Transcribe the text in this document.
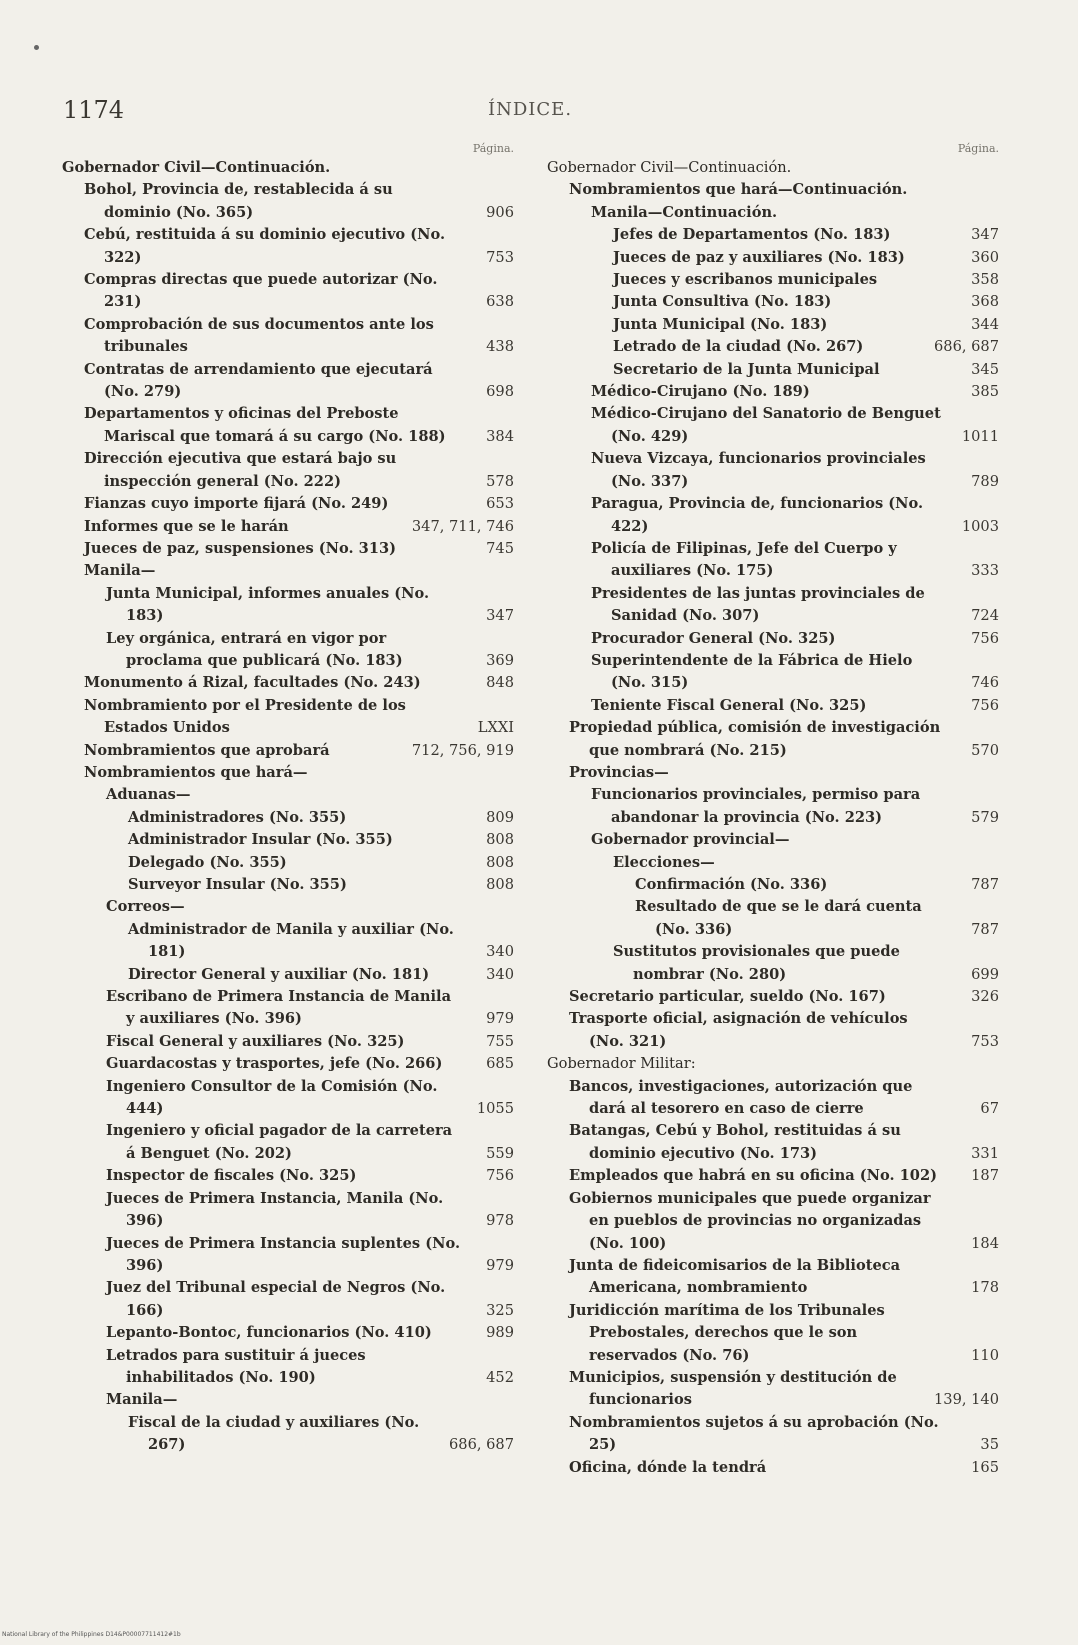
1174	ÍNDICE.
Página.
Gobernador Civil—Continuación.
Bohol, Provincia de, restablecida á su dominio (No. 365)	906
Cebú, restituida á su dominio ejecutivo (No. 322)	753
Compras directas que puede autorizar (No. 231)	638
Comprobación de sus documentos ante los tribunales	438
Contratas de arrendamiento que ejecutará (No. 279)	698
Departamentos y oficinas del Preboste Mariscal que tomará á su cargo (No. 188)	384
Dirección ejecutiva que estará bajo su inspección general (No. 222)	578
Fianzas cuyo importe fijará (No. 249)	653
Informes que se le harán	347, 711, 746
Jueces de paz, suspensiones (No. 313)	745
Manila—
Junta Municipal, informes anuales (No. 183)	347
Ley orgánica, entrará en vigor por proclama que publicará (No. 183)	369
Monumento á Rizal, facultades (No. 243)	848
Nombramiento por el Presidente de los Estados Unidos	LXXI
Nombramientos que aprobará	712, 756, 919
Nombramientos que hará—
Aduanas—
Administradores (No. 355)	809
Administrador Insular (No. 355)	808
Delegado (No. 355)	808
Surveyor Insular (No. 355)	808
Correos—
Administrador de Manila y auxiliar (No. 181)	340
Director General y auxiliar (No. 181)	340
Escribano de Primera Instancia de Manila y auxiliares (No. 396)	979
Fiscal General y auxiliares (No. 325)	755
Guardacostas y trasportes, jefe (No. 266)	685
Ingeniero Consultor de la Comisión (No. 444)	1055
Ingeniero y oficial pagador de la carretera á Benguet (No. 202)	559
Inspector de fiscales (No. 325)	756
Jueces de Primera Instancia, Manila (No. 396)	978
Jueces de Primera Instancia suplentes (No. 396)	979
Juez del Tribunal especial de Negros (No. 166)	325
Lepanto-Bontoc, funcionarios (No. 410)	989
Letrados para sustituir á jueces inhabilitados (No. 190)	452
Manila—
Fiscal de la ciudad y auxiliares (No. 267)	686, 687
Página.
Gobernador Civil—Continuación.
Nombramientos que hará—Continuación.
Manila—Continuación.
Jefes de Departamentos (No. 183)	347
Jueces de paz y auxiliares (No. 183)	360
Jueces y escribanos municipales	358
Junta Consultiva (No. 183)	368
Junta Municipal (No. 183)	344
Letrado de la ciudad (No. 267)	686, 687
Secretario de la Junta Municipal	345
Médico-Cirujano (No. 189)	385
Médico-Cirujano del Sanatorio de Benguet (No. 429)	1011
Nueva Vizcaya, funcionarios provinciales (No. 337)	789
Paragua, Provincia de, funcionarios (No. 422)	1003
Policía de Filipinas, Jefe del Cuerpo y auxiliares (No. 175)	333
Presidentes de las juntas provinciales de Sanidad (No. 307)	724
Procurador General (No. 325)	756
Superintendente de la Fábrica de Hielo (No. 315)	746
Teniente Fiscal General (No. 325)	756
Propiedad pública, comisión de investigación que nombrará (No. 215)	570
Provincias—
Funcionarios provinciales, permiso para abandonar la provincia (No. 223)	579
Gobernador provincial—
Elecciones—
Confirmación (No. 336)	787
Resultado de que se le dará cuenta (No. 336)	787
Sustitutos provisionales que puede nombrar (No. 280)	699
Secretario particular, sueldo (No. 167)	326
Trasporte oficial, asignación de vehículos (No. 321)	753
Gobernador Militar:
Bancos, investigaciones, autorización que dará al tesorero en caso de cierre	67
Batangas, Cebú y Bohol, restituidas á su dominio ejecutivo (No. 173)	331
Empleados que habrá en su oficina (No. 102)	187
Gobiernos municipales que puede organizar en pueblos de provincias no organizadas (No. 100)	184
Junta de fideicomisarios de la Biblioteca Americana, nombramiento	178
Juridicción marítima de los Tribunales Prebostales, derechos que le son reservados (No. 76)	110
Municipios, suspensión y destitución de funcionarios	139, 140
Nombramientos sujetos á su aprobación (No. 25)	35
Oficina, dónde la tendrá	165
National Library of the Philippines D14&P00007711412#1b
